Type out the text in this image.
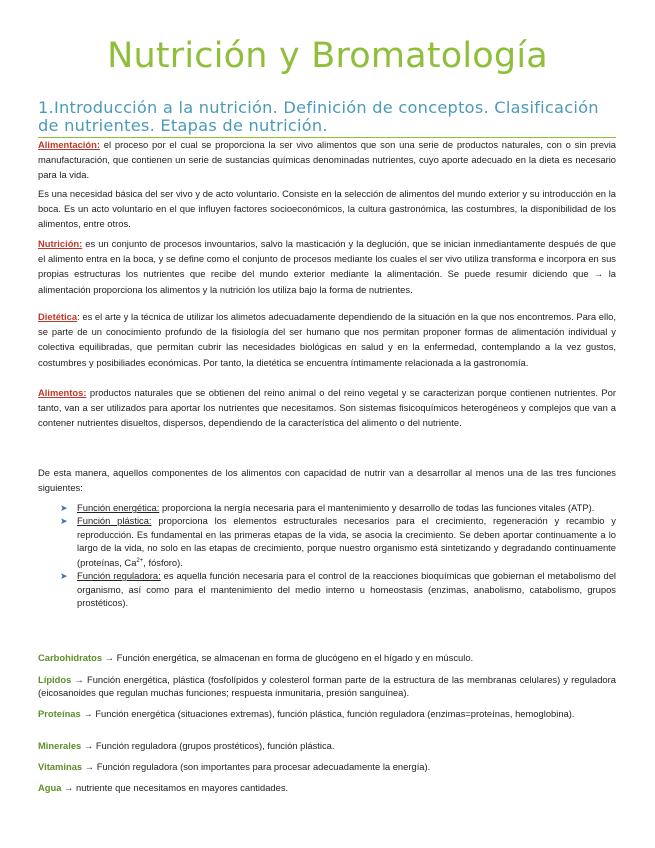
Nutrición y Bromatología
1.Introducción a la nutrición. Definición de conceptos. Clasificación de nutrientes. Etapas de nutrición.

Alimentación: el proceso por el cual se proporciona la ser vivo alimentos que son una serie de productos naturales, con o sin previa manufacturación, que contienen un serie de sustancias químicas denominadas nutrientes, cuyo aporte adecuado en la dieta es necesario para la vida.

Es una necesidad básica del ser vivo y de acto voluntario. Consiste en la selección de alimentos del mundo exterior y su introducción en la boca. Es un acto voluntario en el que influyen factores socioeconómicos, la cultura gastronómica, las costumbres, la disponibilidad de los alimentos, entre otros.

Nutrición: es un conjunto de procesos invountarios, salvo la masticación y la deglución, que se inician inmediantamente después de que el alimento entra en la boca, y se define como el conjunto de procesos mediante los cuales el ser vivo utiliza transforma e incorpora en sus propias estructuras los nutrientes que recibe del mundo exterior mediante la alimentación. Se puede resumir diciendo que → la alimentación proporciona los alimentos y la nutrición los utiliza bajo la forma de nutrientes.

Dietética: es el arte y la técnica de utilizar los alimetos adecuadamente dependiendo de la situación en la que nos encontremos. Para ello, se parte de un conocimiento profundo de la fisiología del ser humano que nos permitan proponer formas de alimentación individual y colectiva equilibradas, que permitan cubrir las necesidades biológicas en salud y en la enfermedad, contemplando a la vez gustos, costumbres y posibiliades económicas. Por tanto, la dietética se encuentra íntimamente relacionada a la gastronomía.

Alimentos: productos naturales que se obtienen del reino animal o del reino vegetal y se caracterizan porque contienen nutrientes. Por tanto, van a ser utilizados para aportar los nutrientes que necesitamos. Son sistemas fisicoquímicos heterogéneos y complejos que van a contener nutrientes disueltos, dispersos, dependiendo de la característica del alimento o del nutriente.

De esta manera, aquellos componentes de los alimentos con capacidad de nutrir van a desarrollar al menos una de las tres funciones siguientes:

➤ Función energética: proporciona la nergía necesaria para el mantenimiento y desarrollo de todas las funciones vitales (ATP).
➤ Función plástica: proporciona los elementos estructurales necesarios para el crecimiento, regeneración y recambio y reproducción. Es fundamental en las primeras etapas de la vida, se asocia la crecimiento. Se deben aportar continuamente a lo largo de la vida, no solo en las etapas de crecimiento, porque nuestro organismo está sintetizando y degradando continuamente (proteínas, $Ca^{2+}$, fósforo).
➤ Función reguladora: es aquella función necesaria para el control de la reacciones bioquímicas que gobiernan el metabolismo del organismo, así como para el mantenimiento del medio interno u homeostasis (enzimas, anabolismo, catabolismo, grupos prostéticos).

Carbohidratos → Función energética, se almacenan en forma de glucógeno en el hígado y en músculo.

Lípidos → Función energética, plástica (fosfolípidos y colesterol forman parte de la estructura de las membranas celulares) y reguladora (eicosanoides que regulan muchas funciones; respuesta inmunitaria, presión sanguínea).

Proteínas → Función energética (situaciones extremas), función plástica, función reguladora (enzimas=proteínas, hemoglobina).

Minerales → Función reguladora (grupos prostéticos), función plástica.

Vitaminas → Función reguladora (son importantes para procesar adecuadamente la energía).

Agua → nutriente que necesitamos en mayores cantidades.
